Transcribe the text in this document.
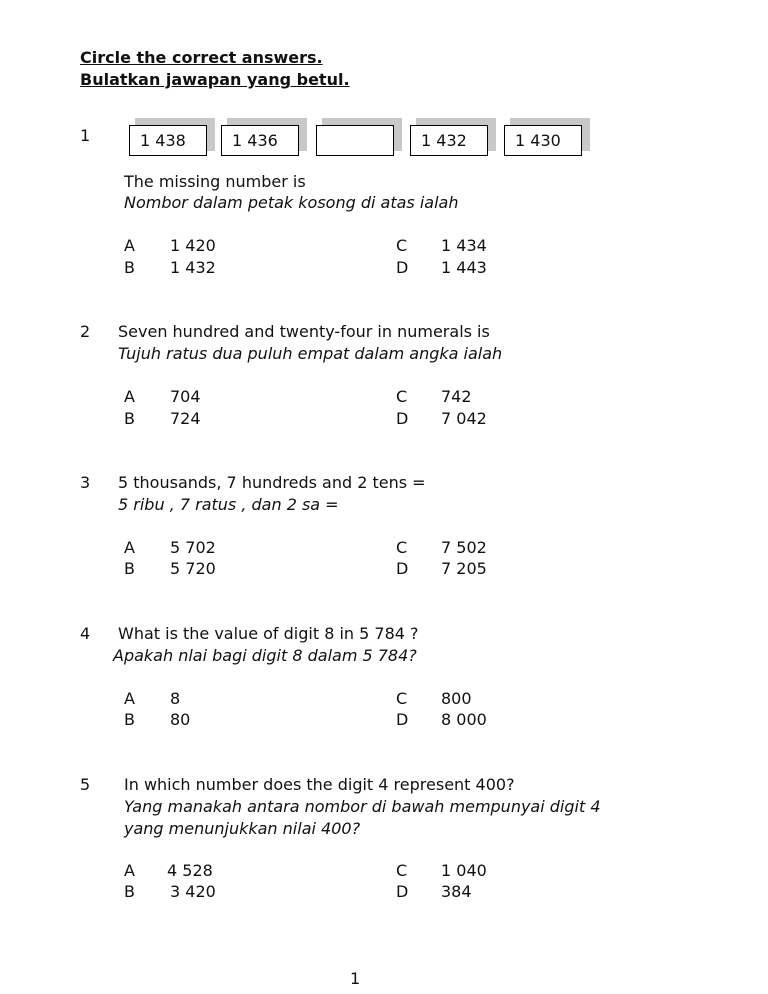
Circle the correct answers.
Bulatkan jawapan yang betul.
1	1 438	1 436	1 432	1 430
The missing number is
Nombor dalam petak kosong di atas ialah
A 1 420
B 1 432
C 1 434
D 1 443
2 Seven hundred and twenty-four in numerals is
Tujuh ratus dua puluh empat dalam angka ialah
A 704
B 724
C 742
D 7 042
3 5 thousands, 7 hundreds and 2 tens =
5 ribu , 7 ratus , dan 2 sa =
A 5 702
B 5 720
C 7 502
D 7 205
4 What is the value of digit 8 in 5 784 ?
Apakah nlai bagi digit 8 dalam 5 784?
A 8
B 80
C 800
D 8 000
5 In which number does the digit 4 represent 400?
Yang manakah antara nombor di bawah mempunyai digit 4
yang menunjukkan nilai 400?
A 4 528
B 3 420
C 1 040
D 384
1
